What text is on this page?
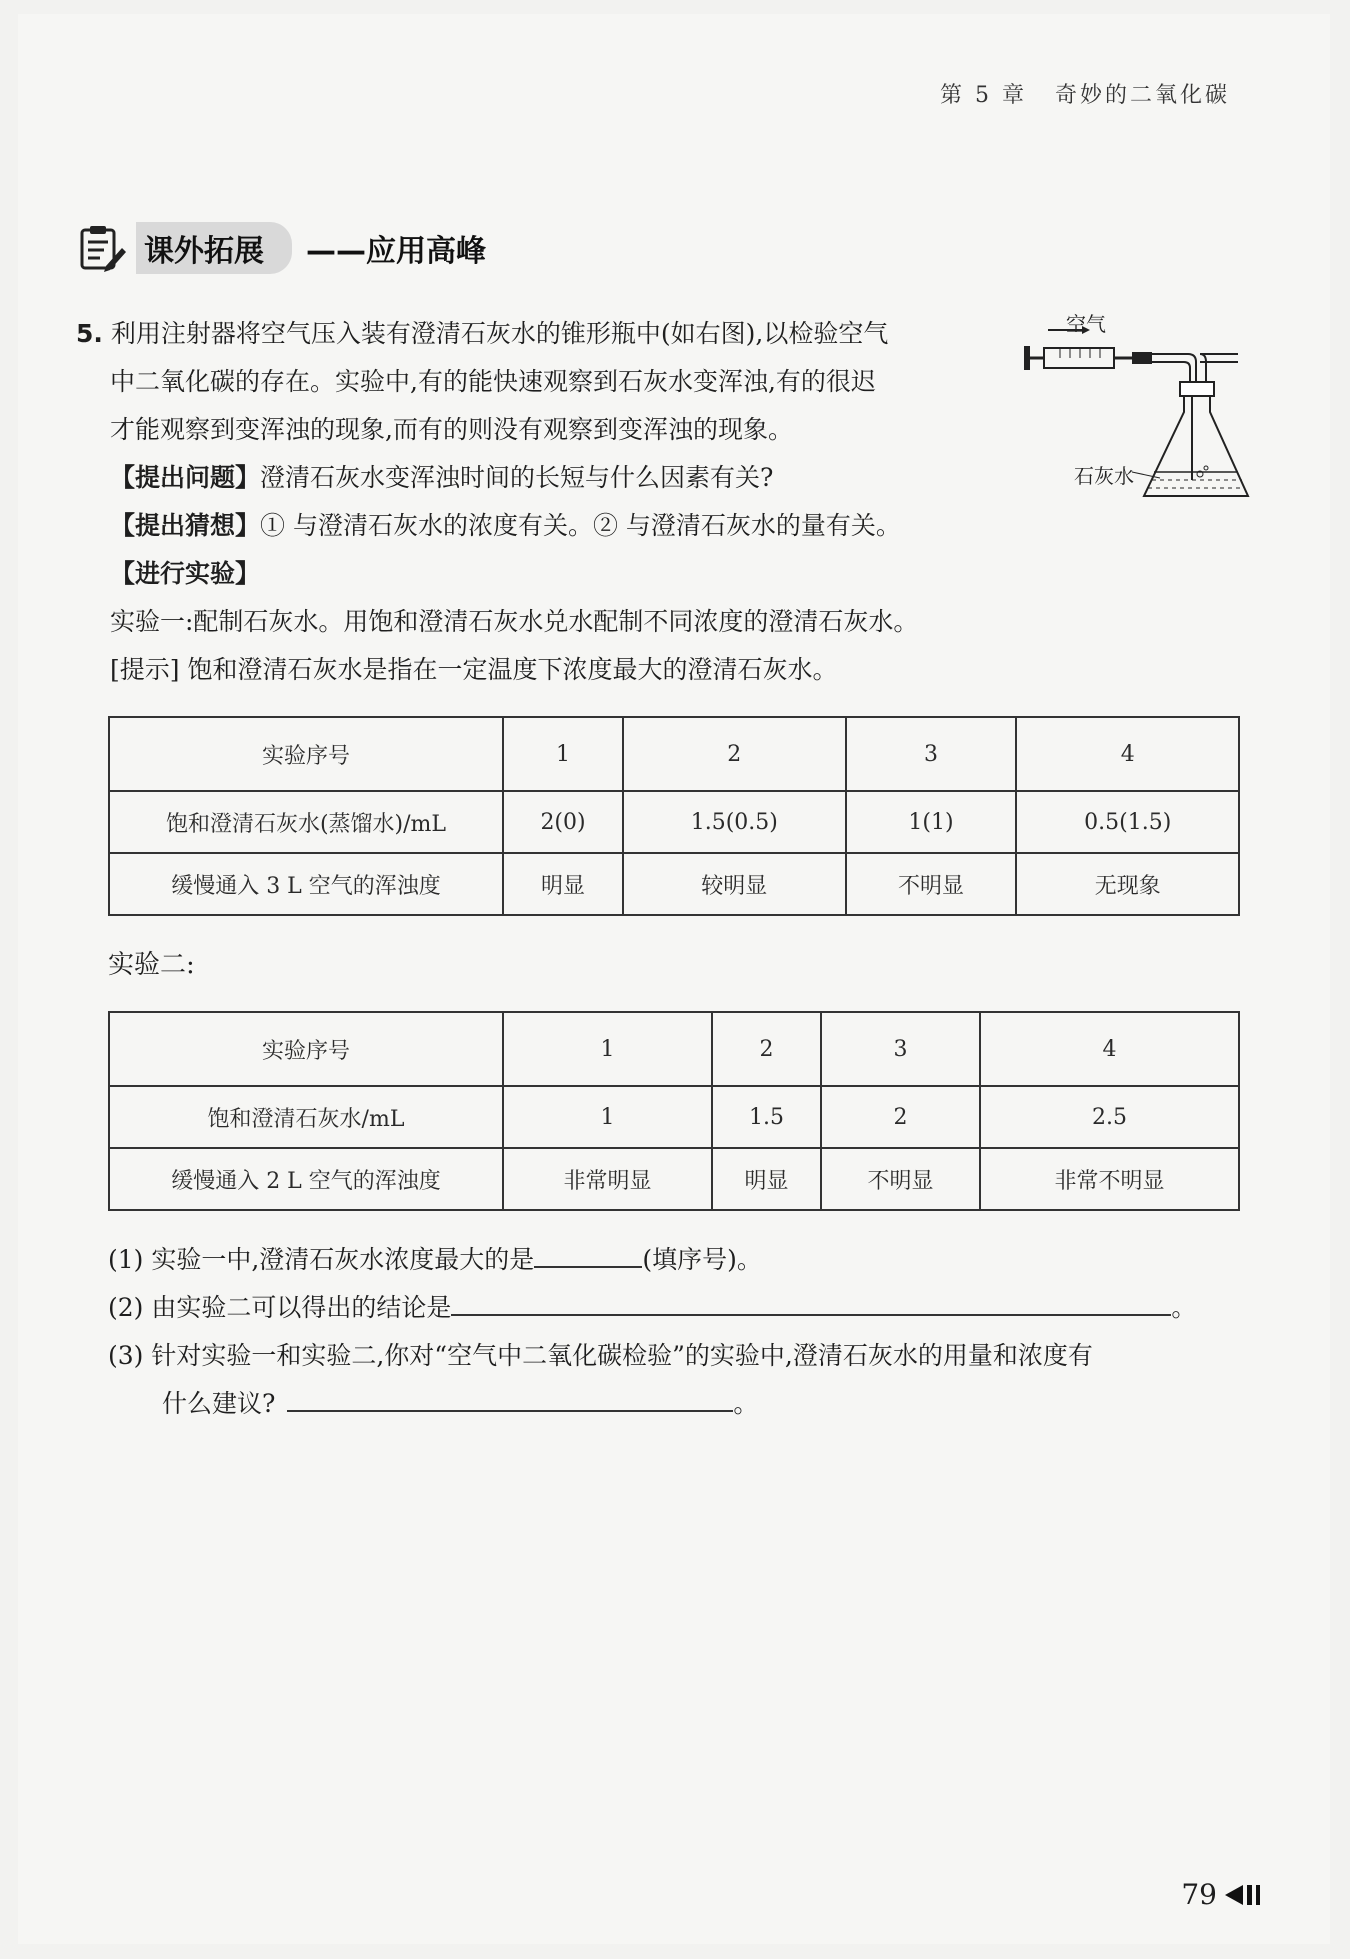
第 5 章 奇妙的二氧化碳
课外拓展	——应用高峰
5. 利用注射器将空气压入装有澄清石灰水的锥形瓶中(如右图),以检验空气
中二氧化碳的存在。实验中,有的能快速观察到石灰水变浑浊,有的很迟
才能观察到变浑浊的现象,而有的则没有观察到变浑浊的现象。
【提出问题】澄清石灰水变浑浊时间的长短与什么因素有关?
【提出猜想】① 与澄清石灰水的浓度有关。② 与澄清石灰水的量有关。
【进行实验】
实验一:配制石灰水。用饱和澄清石灰水兑水配制不同浓度的澄清石灰水。
[提示] 饱和澄清石灰水是指在一定温度下浓度最大的澄清石灰水。
空气
石灰水
实验序号	1	2	3	4
饱和澄清石灰水(蒸馏水)/mL	2(0)	1.5(0.5)	1(1)	0.5(1.5)
缓慢通入 3 L 空气的浑浊度	明显	较明显	不明显	无现象
实验二:
实验序号	1	2	3	4
饱和澄清石灰水/mL	1	1.5	2	2.5
缓慢通入 2 L 空气的浑浊度	非常明显	明显	不明显	非常不明显
(1) 实验一中,澄清石灰水浓度最大的是	(填序号)。
(2) 由实验二可以得出的结论是	。
(3) 针对实验一和实验二,你对“空气中二氧化碳检验”的实验中,澄清石灰水的用量和浓度有
什么建议?	。
79
